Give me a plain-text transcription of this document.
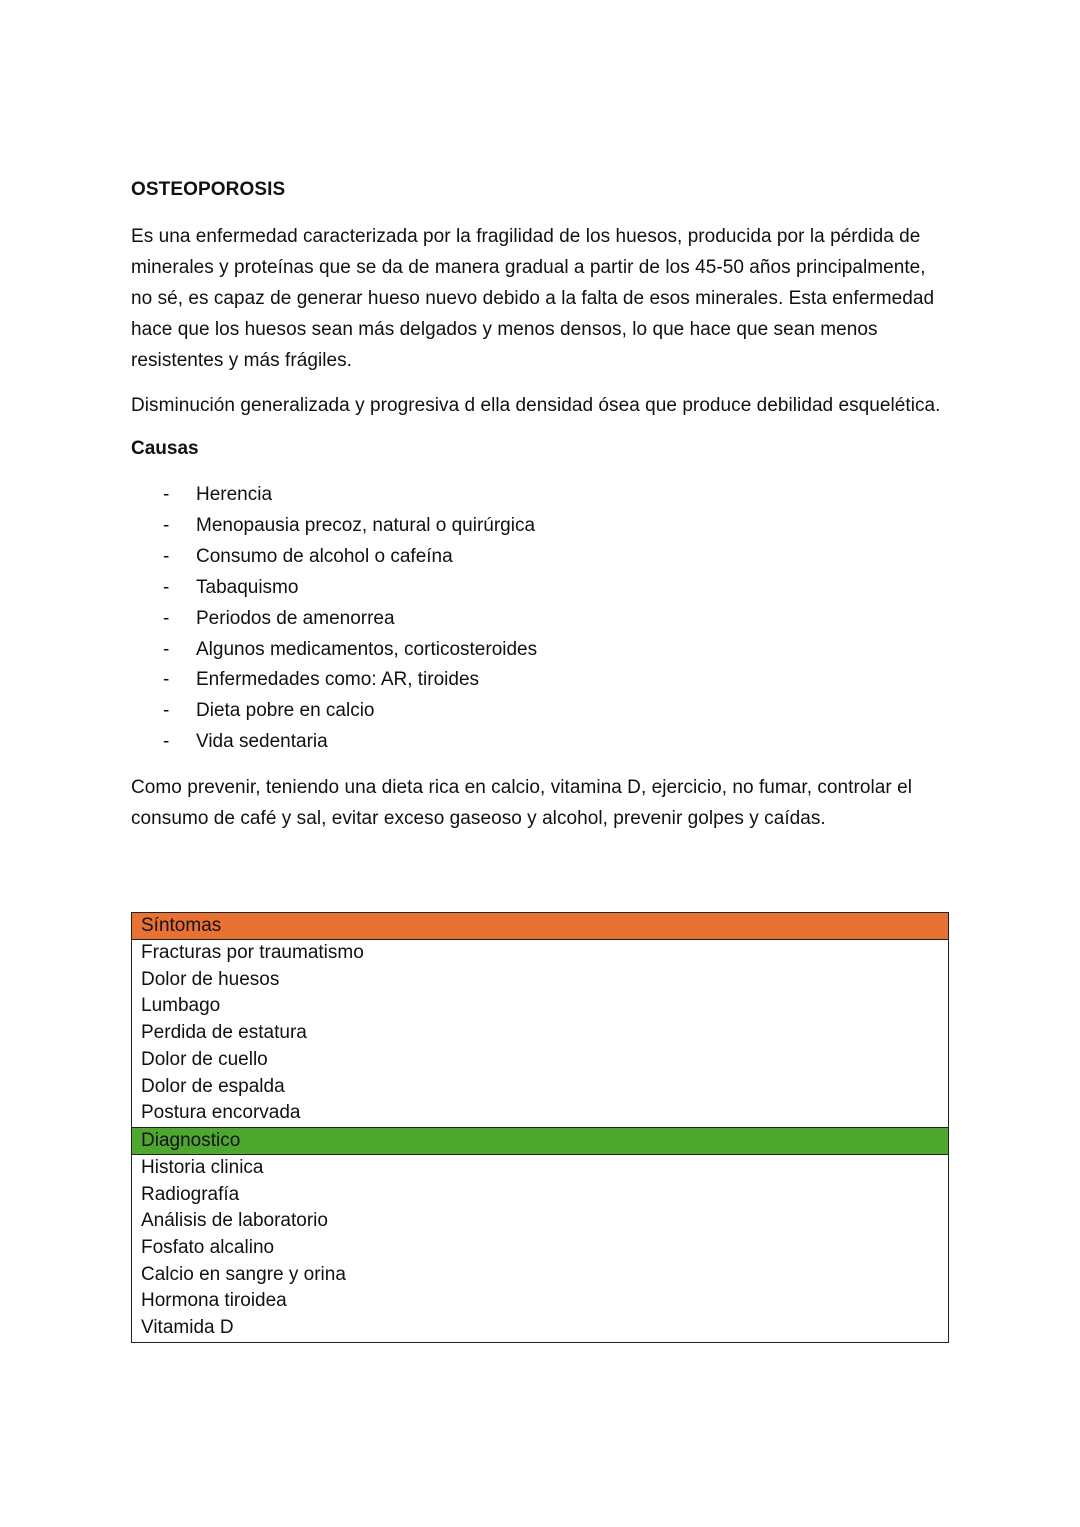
OSTEOPOROSIS

Es una enfermedad caracterizada por la fragilidad de los huesos, producida por la pérdida de minerales y proteínas que se da de manera gradual a partir de los 45-50 años principalmente, no sé, es capaz de generar hueso nuevo debido a la falta de esos minerales. Esta enfermedad hace que los huesos sean más delgados y menos densos, lo que hace que sean menos resistentes y más frágiles.

Disminución generalizada y progresiva d ella densidad ósea que produce debilidad esquelética.

Causas
-	Herencia
-	Menopausia precoz, natural o quirúrgica
-	Consumo de alcohol o cafeína
-	Tabaquismo
-	Periodos de amenorrea
-	Algunos medicamentos, corticosteroides
-	Enfermedades como: AR, tiroides
-	Dieta pobre en calcio
-	Vida sedentaria

Como prevenir, teniendo una dieta rica en calcio, vitamina D, ejercicio, no fumar, controlar el consumo de café y sal, evitar exceso gaseoso y alcohol, prevenir golpes y caídas.

Síntomas
Fracturas por traumatismo
Dolor de huesos
Lumbago
Perdida de estatura
Dolor de cuello
Dolor de espalda
Postura encorvada
Diagnostico
Historia clinica
Radiografía
Análisis de laboratorio
Fosfato alcalino
Calcio en sangre y orina
Hormona tiroidea
Vitamida D
